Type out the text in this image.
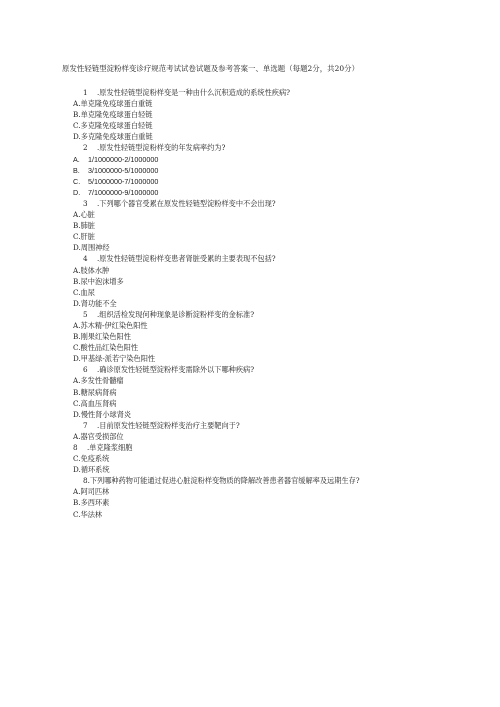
原发性轻链型淀粉样变诊疗规范考试试卷试题及参考答案一、单选题（每题2分，共20分）
1 .原发性轻链型淀粉样变是一种由什么沉积造成的系统性疾病?
A.单克隆免疫球蛋白重链
B.单克隆免疫球蛋白轻链
C.多克隆免疫球蛋白轻链
D.多克隆免疫球蛋白重链
2 .原发性轻链型淀粉样变的年发病率约为?
A. 1/1000000-2/1000000
B. 3/1000000-5/1000000
C. 5/1000000-7/1000000
D. 7/1000000-9/1000000
3 .下列哪个器官受累在原发性轻链型淀粉样变中不会出现?
A.心脏
B.肺脏
C.肝脏
D.周围神经
4 .原发性轻链型淀粉样变患者肾脏受累的主要表现不包括?
A.肢体水肿
B.尿中泡沫增多
C.血尿
D.肾功能不全
5 .组织活检发现何种现象是诊断淀粉样变的金标准?
A.苏木精-伊红染色阳性
B.刚果红染色阳性
C.酸性品红染色阳性
D.甲基绿-派若宁染色阳性
6 .确诊原发性轻链型淀粉样变需除外以下哪种疾病?
A.多发性骨髓瘤
B.糖尿病肾病
C.高血压肾病
D.慢性肾小球肾炎
7 .目前原发性轻链型淀粉样变治疗主要靶向于?
A.器官受损部位
8 .单克隆浆细胞
C.免疫系统
D.循环系统
8.下列哪种药物可能通过促进心脏淀粉样变物质的降解改善患者器官缓解率及远期生存?
A.阿司匹林
B.多西环素
C.华法林
